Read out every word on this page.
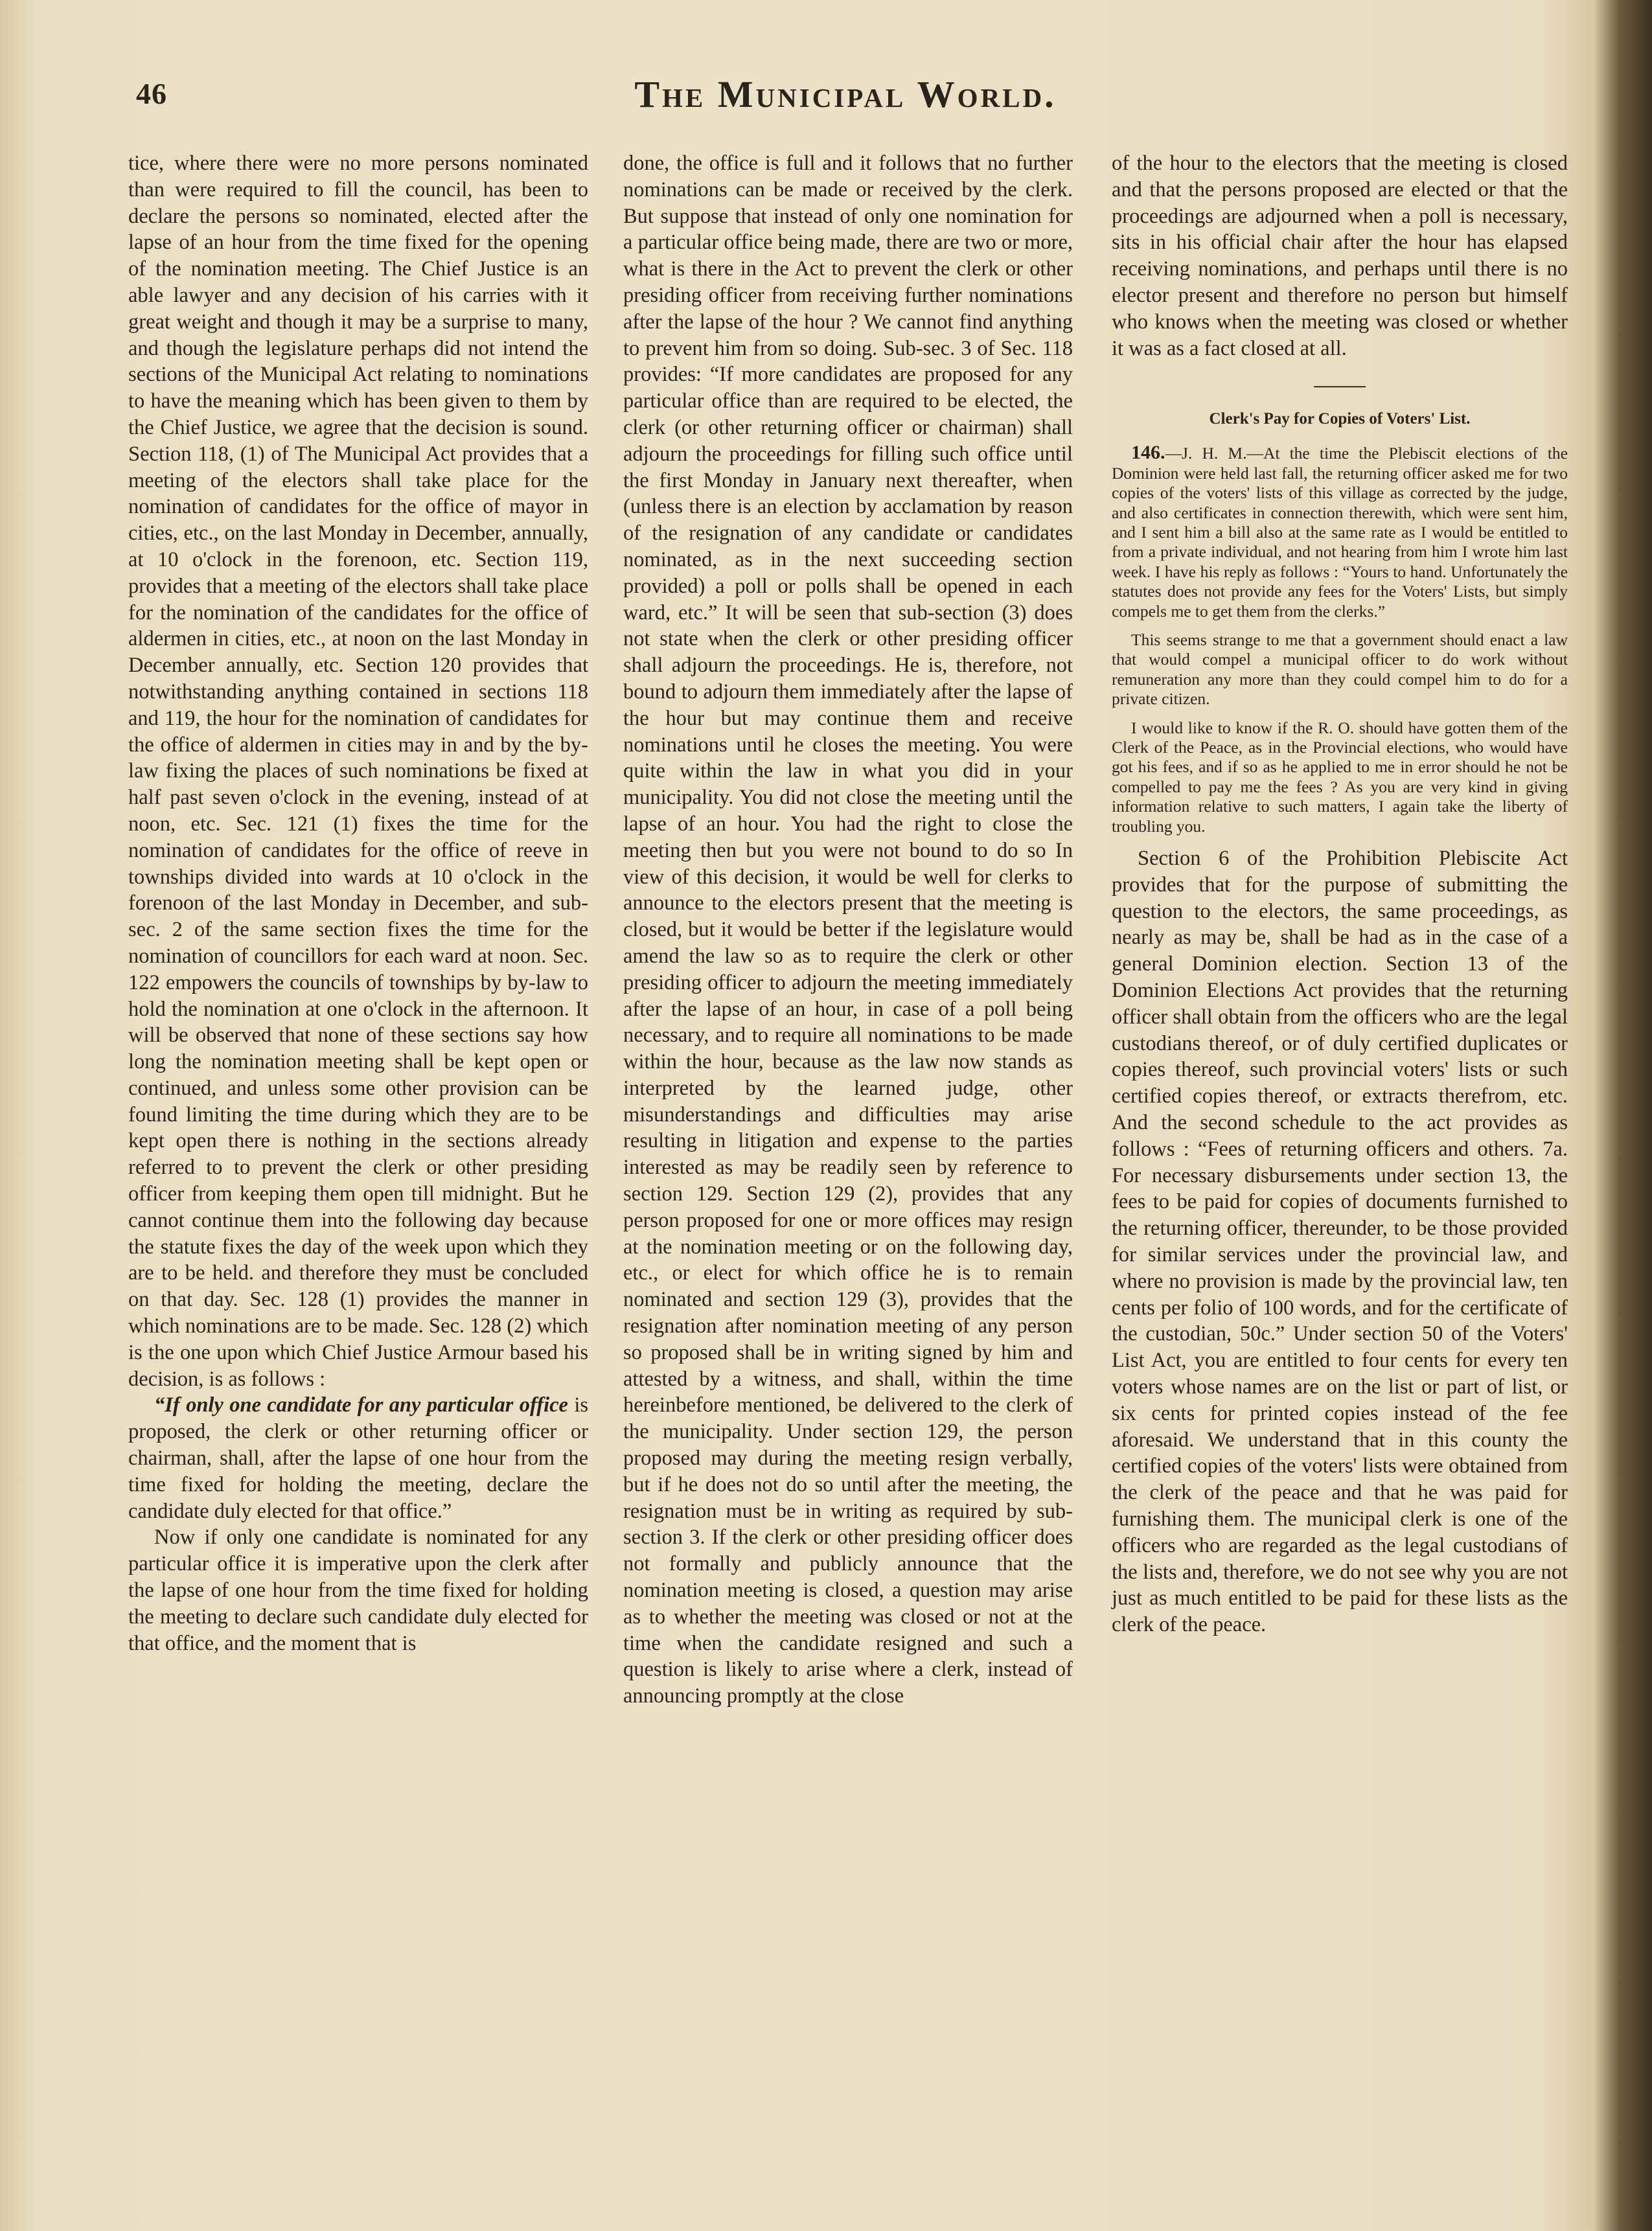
46	The Municipal World.

tice, where there were no more persons nominated than were required to fill the council, has been to declare the persons so nominated, elected after the lapse of an hour from the time fixed for the opening of the nomination meeting. The Chief Justice is an able lawyer and any decision of his carries with it great weight and though it may be a surprise to many, and though the legislature perhaps did not intend the sections of the Municipal Act relating to nominations to have the meaning which has been given to them by the Chief Justice, we agree that the decision is sound. Section 118, (1) of The Municipal Act provides that a meeting of the electors shall take place for the nomination of candidates for the office of mayor in cities, etc., on the last Monday in December, annually, at 10 o'clock in the forenoon, etc. Section 119, provides that a meeting of the electors shall take place for the nomination of the candidates for the office of aldermen in cities, etc., at noon on the last Monday in December annually, etc. Section 120 provides that notwithstanding anything contained in sections 118 and 119, the hour for the nomination of candidates for the office of aldermen in cities may in and by the by-law fixing the places of such nominations be fixed at half past seven o'clock in the evening, instead of at noon, etc. Sec. 121 (1) fixes the time for the nomination of candidates for the office of reeve in townships divided into wards at 10 o'clock in the forenoon of the last Monday in December, and sub-sec. 2 of the same section fixes the time for the nomination of councillors for each ward at noon. Sec. 122 empowers the councils of townships by by-law to hold the nomination at one o'clock in the afternoon. It will be observed that none of these sections say how long the nomination meeting shall be kept open or continued, and unless some other provision can be found limiting the time during which they are to be kept open there is nothing in the sections already referred to to prevent the clerk or other presiding officer from keeping them open till midnight. But he cannot continue them into the following day because the statute fixes the day of the week upon which they are to be held. and therefore they must be concluded on that day. Sec. 128 (1) provides the manner in which nominations are to be made. Sec. 128 (2) which is the one upon which Chief Justice Armour based his decision, is as follows :

“If only one candidate for any particular office is proposed, the clerk or other returning officer or chairman, shall, after the lapse of one hour from the time fixed for holding the meeting, declare the candidate duly elected for that office.”

Now if only one candidate is nominated for any particular office it is imperative upon the clerk after the lapse of one hour from the time fixed for holding the meeting to declare such candidate duly elected for that office, and the moment that is

done, the office is full and it follows that no further nominations can be made or received by the clerk. But suppose that instead of only one nomination for a particular office being made, there are two or more, what is there in the Act to prevent the clerk or other presiding officer from receiving further nominations after the lapse of the hour ? We cannot find anything to prevent him from so doing. Sub-sec. 3 of Sec. 118 provides: “If more candidates are proposed for any particular office than are required to be elected, the clerk (or other returning officer or chairman) shall adjourn the proceedings for filling such office until the first Monday in January next thereafter, when (unless there is an election by acclamation by reason of the resignation of any candidate or candidates nominated, as in the next succeeding section provided) a poll or polls shall be opened in each ward, etc.” It will be seen that sub-section (3) does not state when the clerk or other presiding officer shall adjourn the proceedings. He is, therefore, not bound to adjourn them immediately after the lapse of the hour but may continue them and receive nominations until he closes the meeting. You were quite within the law in what you did in your municipality. You did not close the meeting until the lapse of an hour. You had the right to close the meeting then but you were not bound to do so In view of this decision, it would be well for clerks to announce to the electors present that the meeting is closed, but it would be better if the legislature would amend the law so as to require the clerk or other presiding officer to adjourn the meeting immediately after the lapse of an hour, in case of a poll being necessary, and to require all nominations to be made within the hour, because as the law now stands as interpreted by the learned judge, other misunderstandings and difficulties may arise resulting in litigation and expense to the parties interested as may be readily seen by reference to section 129. Section 129 (2), provides that any person proposed for one or more offices may resign at the nomination meeting or on the following day, etc., or elect for which office he is to remain nominated and section 129 (3), provides that the resignation after nomination meeting of any person so proposed shall be in writing signed by him and attested by a witness, and shall, within the time hereinbefore mentioned, be delivered to the clerk of the municipality. Under section 129, the person proposed may during the meeting resign verbally, but if he does not do so until after the meeting, the resignation must be in writing as required by sub-section 3. If the clerk or other presiding officer does not formally and publicly announce that the nomination meeting is closed, a question may arise as to whether the meeting was closed or not at the time when the candidate resigned and such a question is likely to arise where a clerk, instead of announcing promptly at the close

of the hour to the electors that the meeting is closed and that the persons proposed are elected or that the proceedings are adjourned when a poll is necessary, sits in his official chair after the hour has elapsed receiving nominations, and perhaps until there is no elector present and therefore no person but himself who knows when the meeting was closed or whether it was as a fact closed at all.

Clerk's Pay for Copies of Voters' List.

146.—J. H. M.—At the time the Plebiscit elections of the Dominion were held last fall, the returning officer asked me for two copies of the voters' lists of this village as corrected by the judge, and also certificates in connection therewith, which were sent him, and I sent him a bill also at the same rate as I would be entitled to from a private individual, and not hearing from him I wrote him last week. I have his reply as follows : “Yours to hand. Unfortunately the statutes does not provide any fees for the Voters' Lists, but simply compels me to get them from the clerks.”

This seems strange to me that a government should enact a law that would compel a municipal officer to do work without remuneration any more than they could compel him to do for a private citizen.

I would like to know if the R. O. should have gotten them of the Clerk of the Peace, as in the Provincial elections, who would have got his fees, and if so as he applied to me in error should he not be compelled to pay me the fees ? As you are very kind in giving information relative to such matters, I again take the liberty of troubling you.

Section 6 of the Prohibition Plebiscite Act provides that for the purpose of submitting the question to the electors, the same proceedings, as nearly as may be, shall be had as in the case of a general Dominion election. Section 13 of the Dominion Elections Act provides that the returning officer shall obtain from the officers who are the legal custodians thereof, or of duly certified duplicates or copies thereof, such provincial voters' lists or such certified copies thereof, or extracts therefrom, etc. And the second schedule to the act provides as follows : “Fees of returning officers and others. 7a. For necessary disbursements under section 13, the fees to be paid for copies of documents furnished to the returning officer, thereunder, to be those provided for similar services under the provincial law, and where no provision is made by the provincial law, ten cents per folio of 100 words, and for the certificate of the custodian, 50c.” Under section 50 of the Voters' List Act, you are entitled to four cents for every ten voters whose names are on the list or part of list, or six cents for printed copies instead of the fee aforesaid. We understand that in this county the certified copies of the voters' lists were obtained from the clerk of the peace and that he was paid for furnishing them. The municipal clerk is one of the officers who are regarded as the legal custodians of the lists and, therefore, we do not see why you are not just as much entitled to be paid for these lists as the clerk of the peace.
